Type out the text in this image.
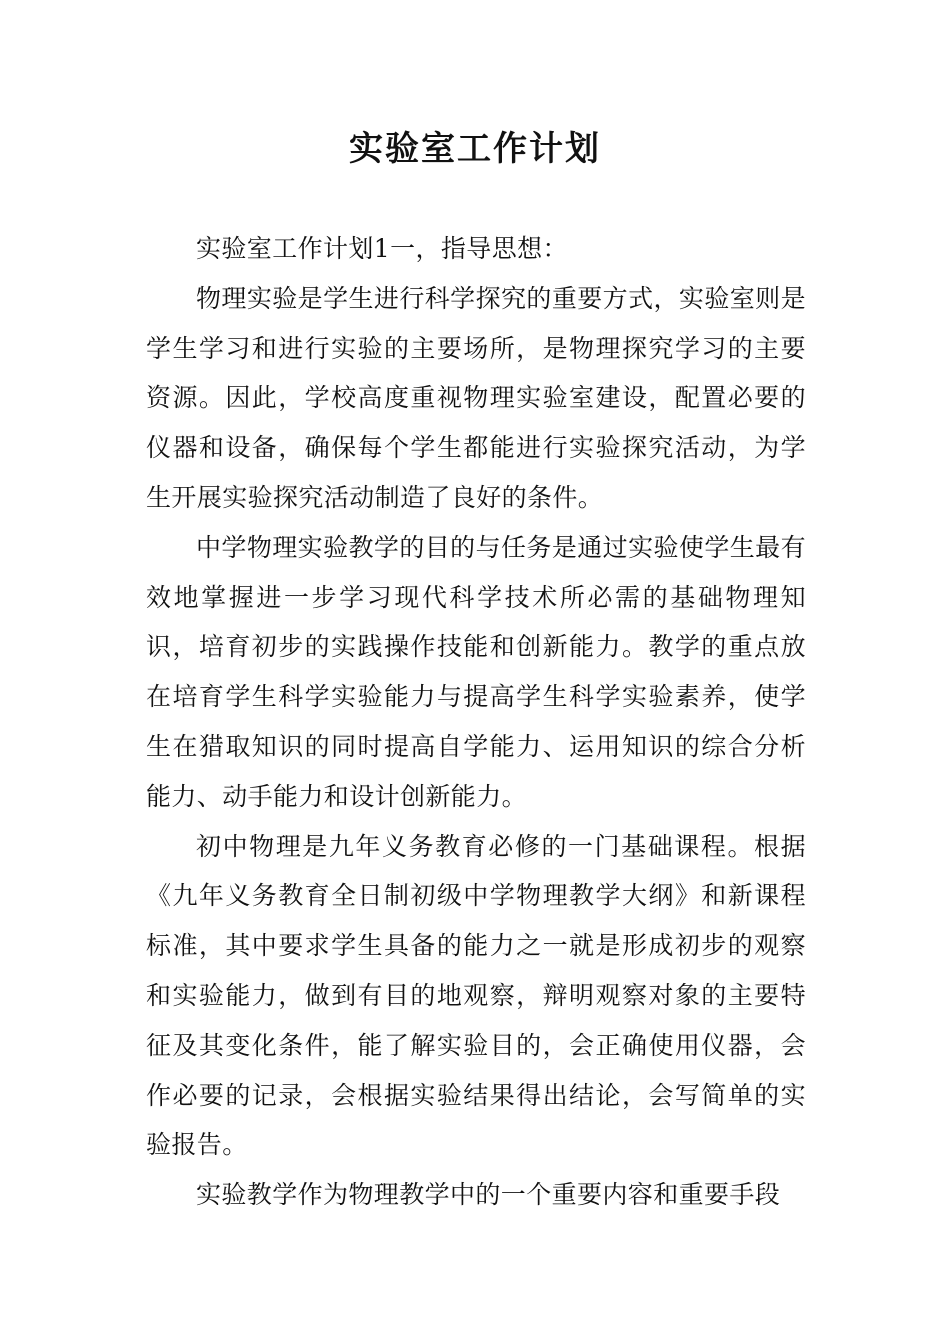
实验室工作计划

实验室工作计划1一，指导思想：

物理实验是学生进行科学探究的重要方式，实验室则是学生学习和进行实验的主要场所，是物理探究学习的主要资源。因此，学校高度重视物理实验室建设，配置必要的仪器和设备，确保每个学生都能进行实验探究活动，为学生开展实验探究活动制造了良好的条件。

中学物理实验教学的目的与任务是通过实验使学生最有效地掌握进一步学习现代科学技术所必需的基础物理知识，培育初步的实践操作技能和创新能力。教学的重点放在培育学生科学实验能力与提高学生科学实验素养，使学生在猎取知识的同时提高自学能力、运用知识的综合分析能力、动手能力和设计创新能力。

初中物理是九年义务教育必修的一门基础课程。根据《九年义务教育全日制初级中学物理教学大纲》和新课程标准，其中要求学生具备的能力之一就是形成初步的观察和实验能力，做到有目的地观察，辩明观察对象的主要特征及其变化条件，能了解实验目的，会正确使用仪器，会作必要的记录，会根据实验结果得出结论，会写简单的实验报告。

实验教学作为物理教学中的一个重要内容和重要手段
